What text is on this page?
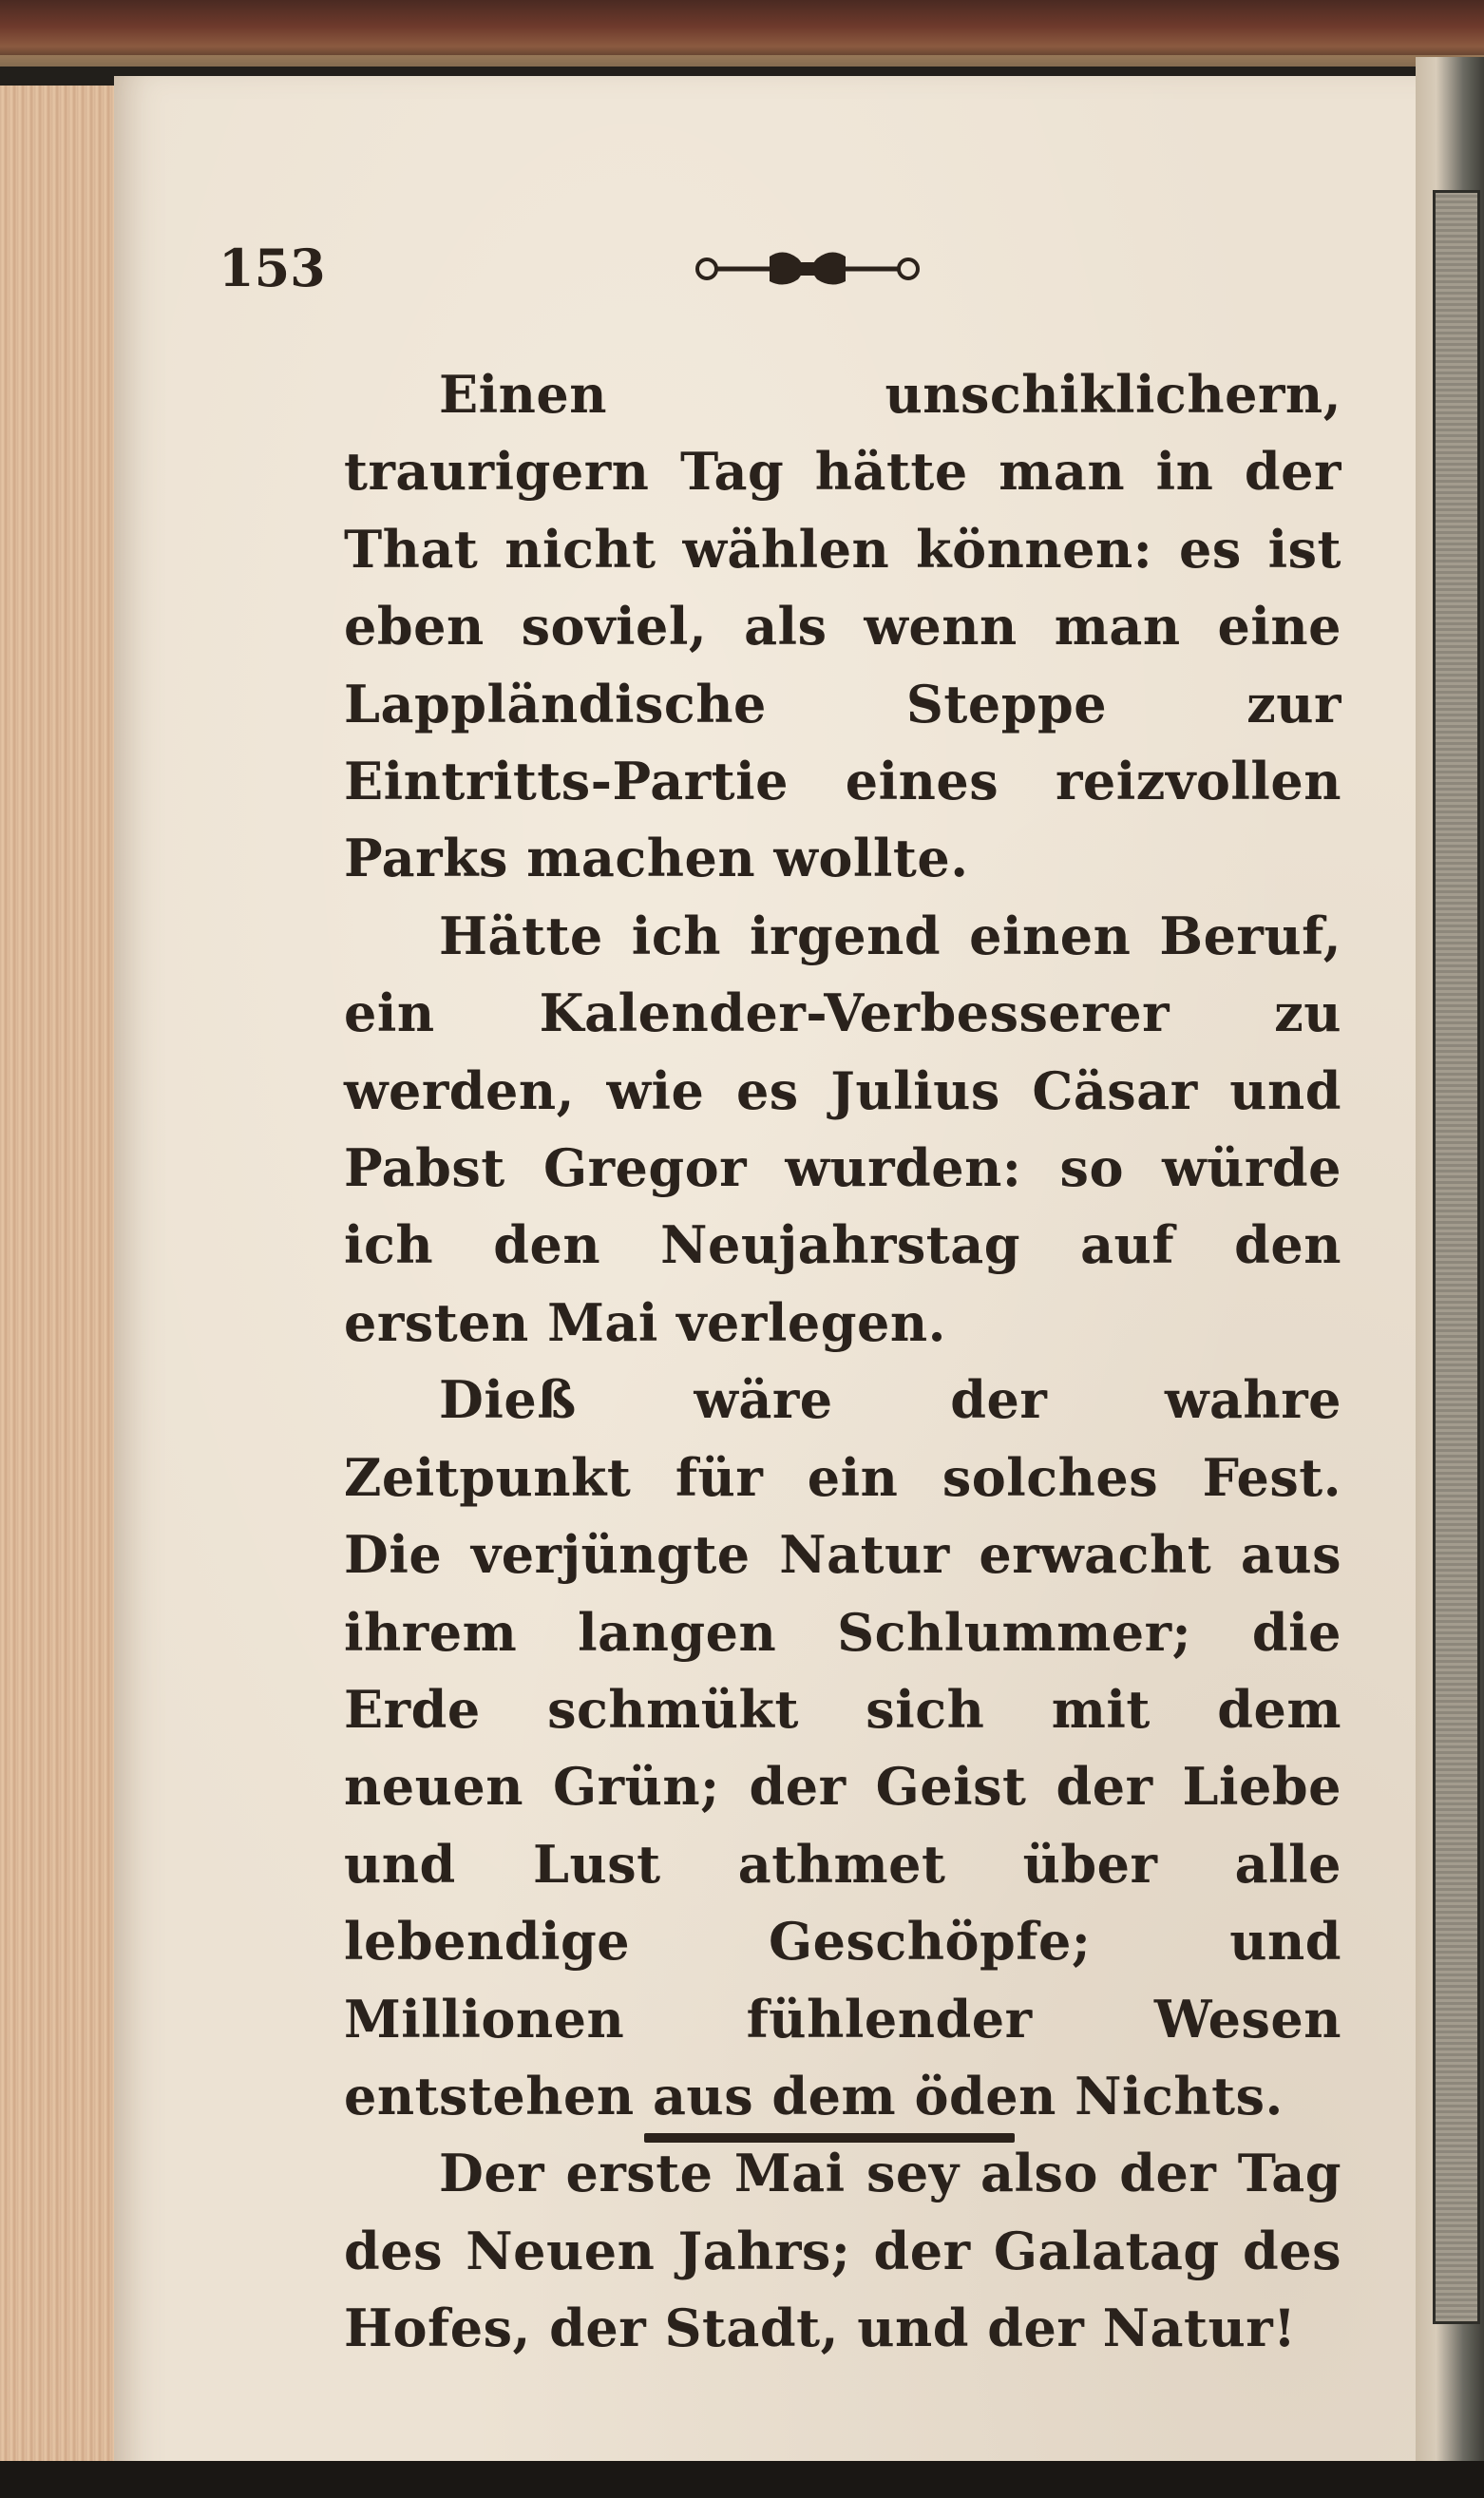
153

Einen unschiklichern, traurigern Tag hätte man in der That nicht wählen können: es ist eben soviel, als wenn man eine Lappländische Steppe zur Eintritts-Partie eines reizvollen Parks machen wollte.

Hätte ich irgend einen Beruf, ein Kalender-Verbesserer zu werden, wie es Julius Cäsar und Pabst Gregor wurden: so würde ich den Neujahrstag auf den ersten Mai verlegen.

Dieß wäre der wahre Zeitpunkt für ein solches Fest. Die verjüngte Natur erwacht aus ihrem langen Schlummer; die Erde schmükt sich mit dem neuen Grün; der Geist der Liebe und Lust athmet über alle lebendige Geschöpfe; und Millionen fühlender Wesen entstehen aus dem öden Nichts.

Der erste Mai sey also der Tag des Neuen Jahrs; der Galatag des Hofes, der Stadt, und der Natur!
